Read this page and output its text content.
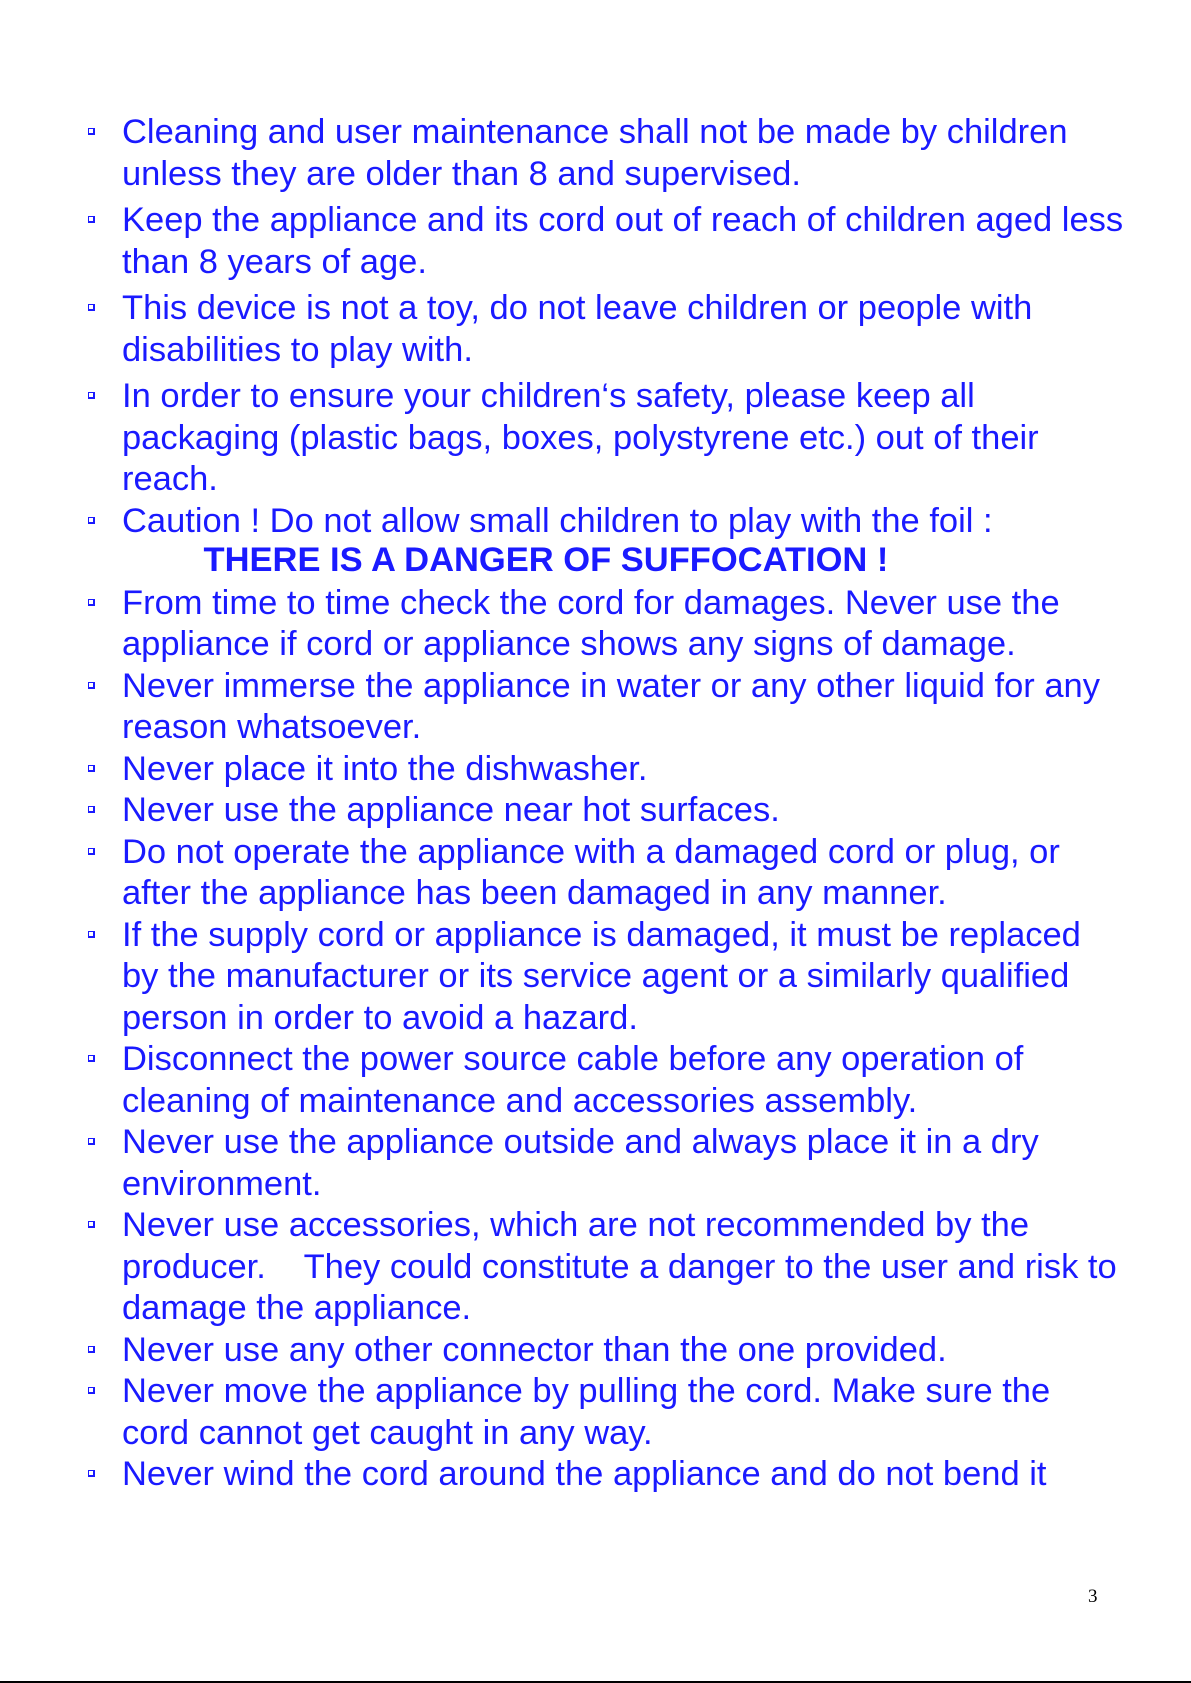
Cleaning and user maintenance shall not be made by children unless they are older than 8 and supervised.
Keep the appliance and its cord out of reach of children aged less than 8 years of age.
This device is not a toy, do not leave children or people with disabilities to play with.
In order to ensure your children‘s safety, please keep all packaging (plastic bags, boxes, polystyrene etc.) out of their reach.
Caution ! Do not allow small children to play with the foil :
THERE IS A DANGER OF SUFFOCATION !
From time to time check the cord for damages. Never use the appliance if cord or appliance shows any signs of damage.
Never immerse the appliance in water or any other liquid for any reason whatsoever.
Never place it into the dishwasher.
Never use the appliance near hot surfaces.
Do not operate the appliance with a damaged cord or plug, or after the appliance has been damaged in any manner.
If the supply cord or appliance is damaged, it must be replaced by the manufacturer or its service agent or a similarly qualified person in order to avoid a hazard.
Disconnect the power source cable before any operation of cleaning of maintenance and accessories assembly.
Never use the appliance outside and always place it in a dry environment.
Never use accessories, which are not recommended by the producer.    They could constitute a danger to the user and risk to damage the appliance.
Never use any other connector than the one provided.
Never move the appliance by pulling the cord. Make sure the cord cannot get caught in any way.
Never wind the cord around the appliance and do not bend it
3
